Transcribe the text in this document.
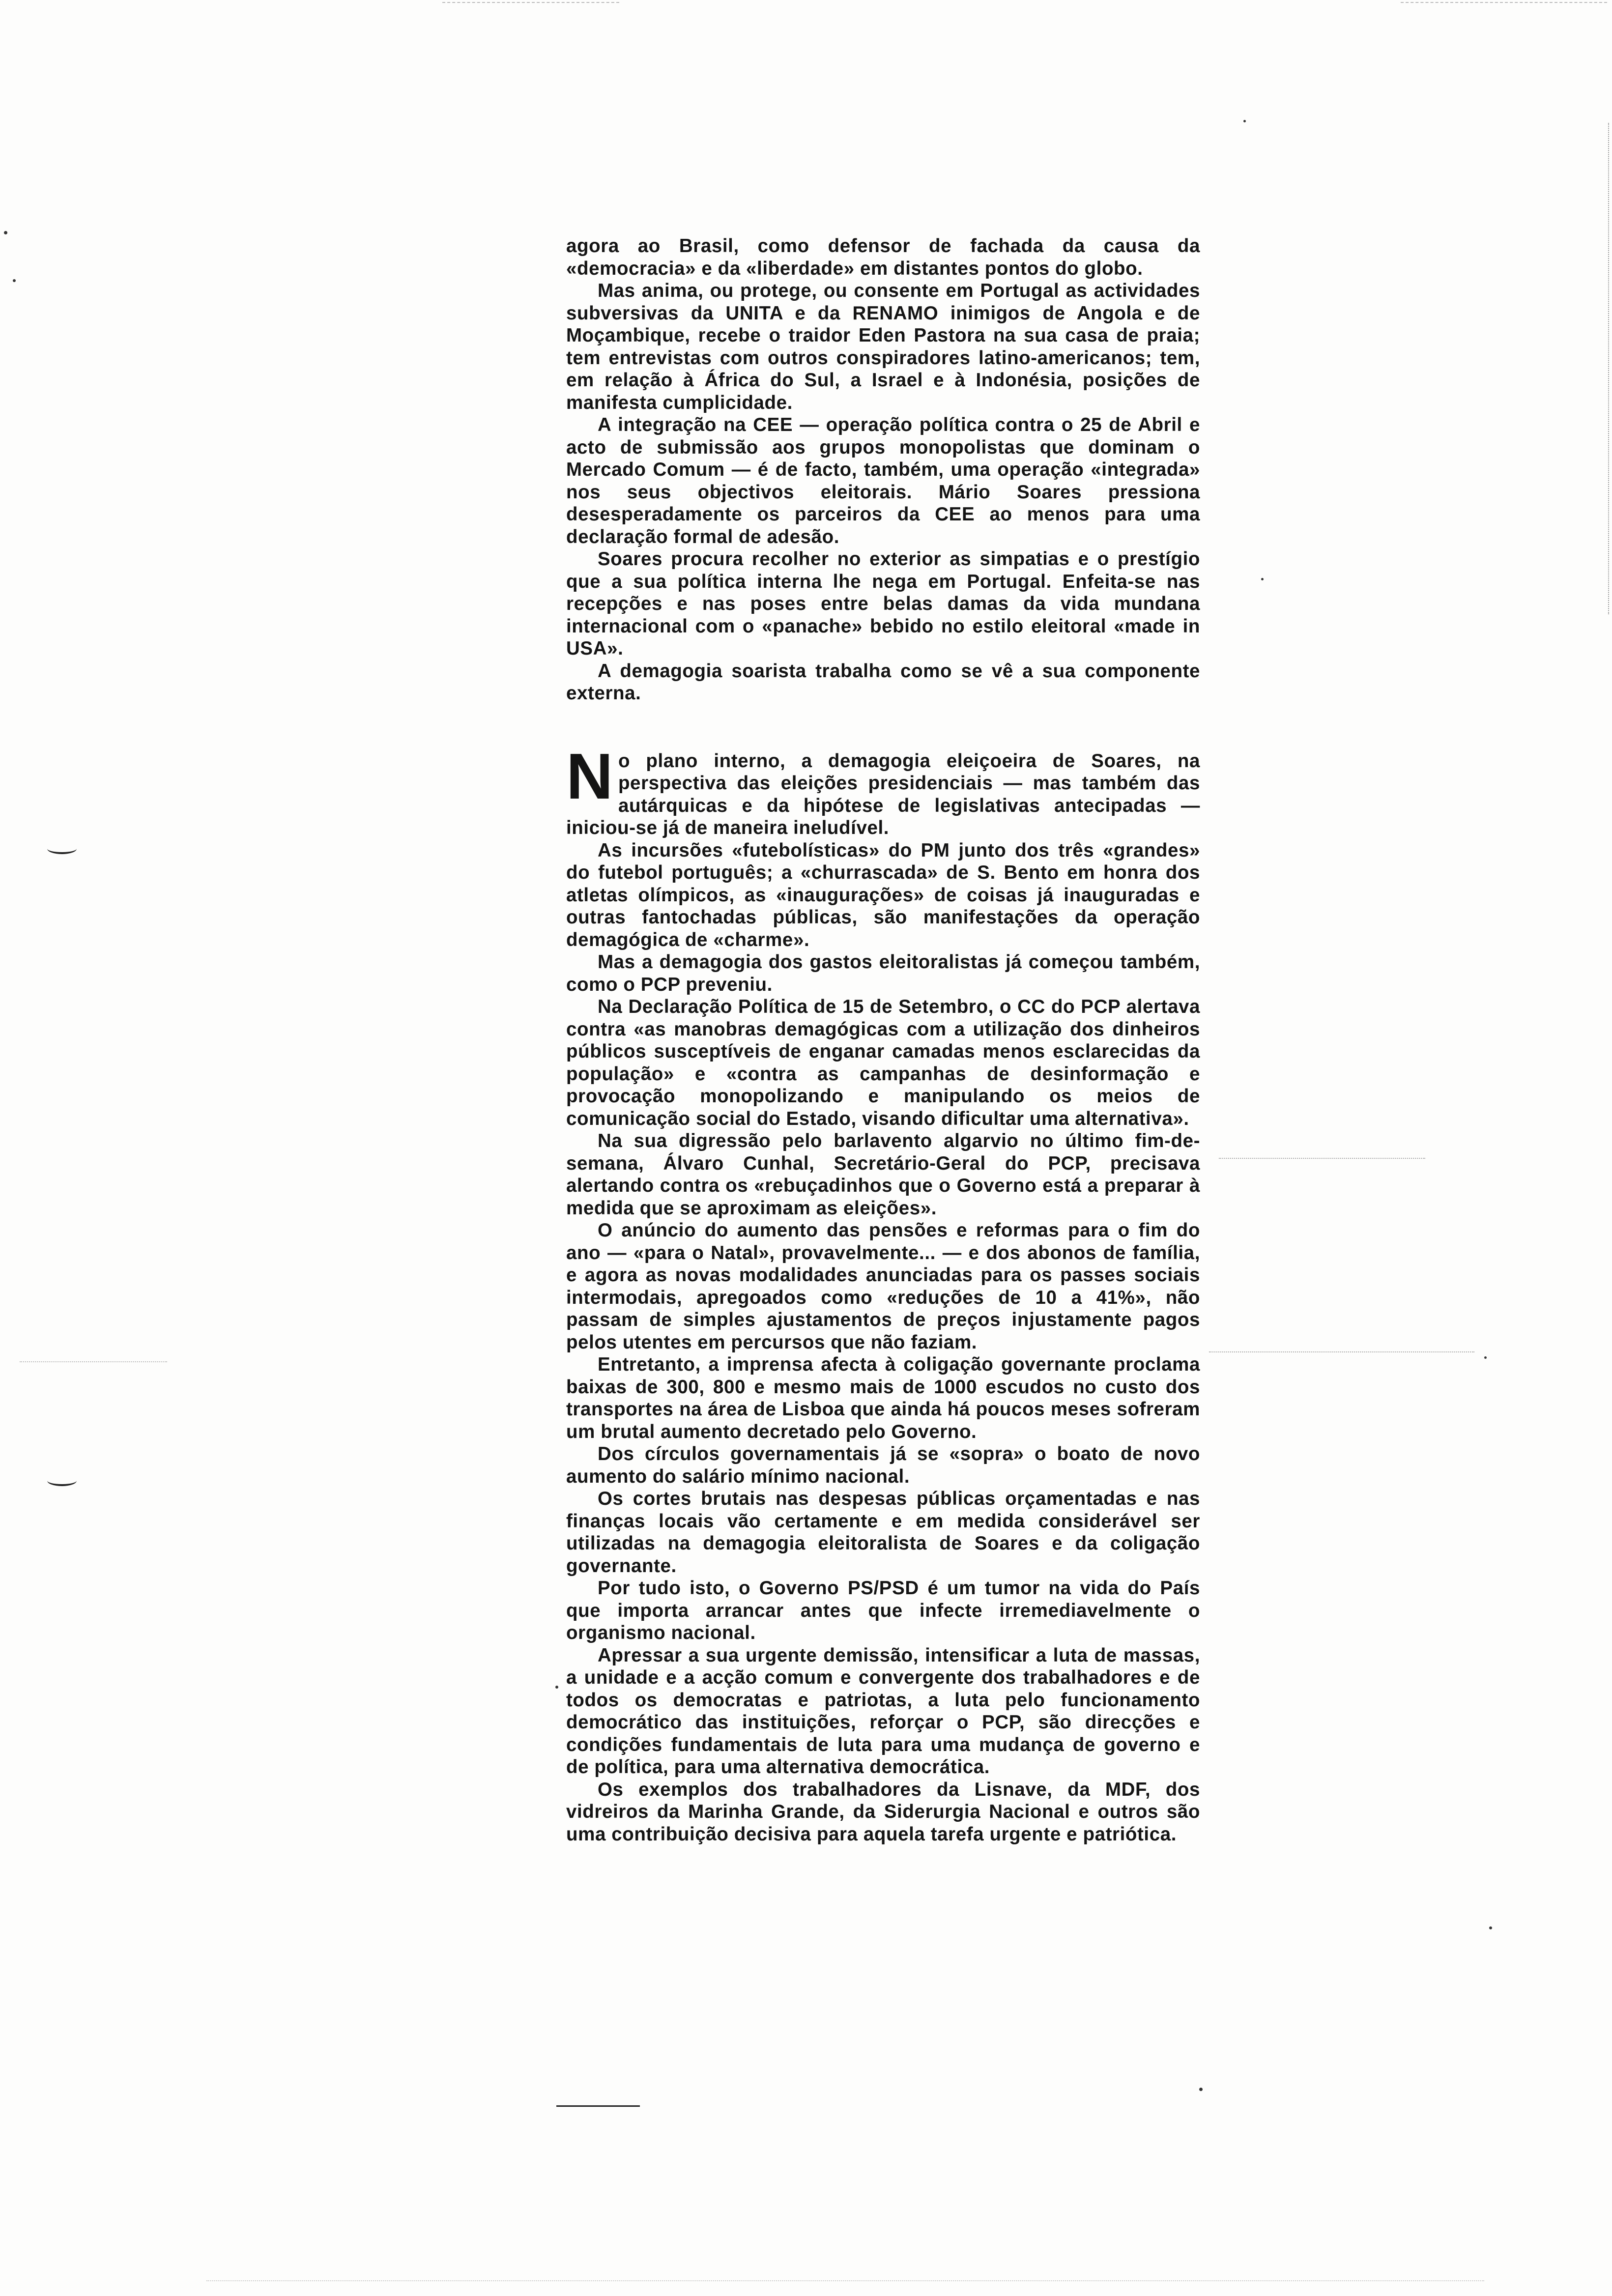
agora ao Brasil, como defensor de fachada da causa da «democracia» e da «liberdade» em distantes pontos do globo.

Mas anima, ou protege, ou consente em Portugal as actividades subversivas da UNITA e da RENAMO inimigos de Angola e de Moçambique, recebe o traidor Eden Pastora na sua casa de praia; tem entrevistas com outros conspiradores latino-americanos; tem, em relação à África do Sul, a Israel e à Indonésia, posições de manifesta cumplicidade.

A integração na CEE — operação política contra o 25 de Abril e acto de submissão aos grupos monopolistas que dominam o Mercado Comum — é de facto, também, uma operação «integrada» nos seus objectivos eleitorais. Mário Soares pressiona desesperadamente os parceiros da CEE ao menos para uma declaração formal de adesão.

Soares procura recolher no exterior as simpatias e o prestígio que a sua política interna lhe nega em Portugal. Enfeita-se nas recepções e nas poses entre belas damas da vida mundana internacional com o «panache» bebido no estilo eleitoral «made in USA».

A demagogia soarista trabalha como se vê a sua componente externa.

No plano interno, a demagogia eleiçoeira de Soares, na perspectiva das eleições presidenciais — mas também das autárquicas e da hipótese de legislativas antecipadas — iniciou-se já de maneira ineludível.

As incursões «futebolísticas» do PM junto dos três «grandes» do futebol português; a «churrascada» de S. Bento em honra dos atletas olímpicos, as «inaugurações» de coisas já inauguradas e outras fantochadas públicas, são manifestações da operação demagógica de «charme».

Mas a demagogia dos gastos eleitoralistas já começou também, como o PCP preveniu.

Na Declaração Política de 15 de Setembro, o CC do PCP alertava contra «as manobras demagógicas com a utilização dos dinheiros públicos susceptíveis de enganar camadas menos esclarecidas da população» e «contra as campanhas de desinformação e provocação monopolizando e manipulando os meios de comunicação social do Estado, visando dificultar uma alternativa».

Na sua digressão pelo barlavento algarvio no último fim-de-semana, Álvaro Cunhal, Secretário-Geral do PCP, precisava alertando contra os «rebuçadinhos que o Governo está a preparar à medida que se aproximam as eleições».

O anúncio do aumento das pensões e reformas para o fim do ano — «para o Natal», provavelmente... — e dos abonos de família, e agora as novas modalidades anunciadas para os passes sociais intermodais, apregoados como «reduções de 10 a 41%», não passam de simples ajustamentos de preços injustamente pagos pelos utentes em percursos que não faziam.

Entretanto, a imprensa afecta à coligação governante proclama baixas de 300, 800 e mesmo mais de 1000 escudos no custo dos transportes na área de Lisboa que ainda há poucos meses sofreram um brutal aumento decretado pelo Governo.

Dos círculos governamentais já se «sopra» o boato de novo aumento do salário mínimo nacional.

Os cortes brutais nas despesas públicas orçamentadas e nas finanças locais vão certamente e em medida considerável ser utilizadas na demagogia eleitoralista de Soares e da coligação governante.

Por tudo isto, o Governo PS/PSD é um tumor na vida do País que importa arrancar antes que infecte irremediavelmente o organismo nacional.

Apressar a sua urgente demissão, intensificar a luta de massas, a unidade e a acção comum e convergente dos trabalhadores e de todos os democratas e patriotas, a luta pelo funcionamento democrático das instituições, reforçar o PCP, são direcções e condições fundamentais de luta para uma mudança de governo e de política, para uma alternativa democrática.

Os exemplos dos trabalhadores da Lisnave, da MDF, dos vidreiros da Marinha Grande, da Siderurgia Nacional e outros são uma contribuição decisiva para aquela tarefa urgente e patriótica.
